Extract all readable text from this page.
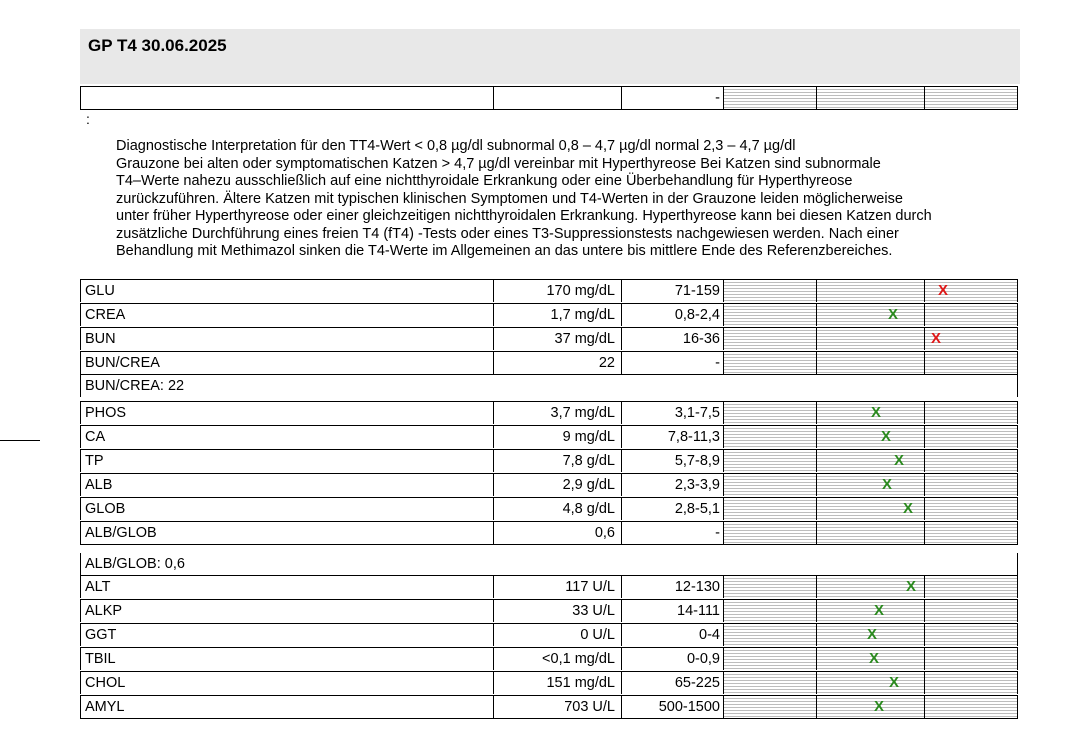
GP T4 30.06.2025
-
:
Diagnostische Interpretation für den TT4-Wert < 0,8 µg/dl subnormal 0,8 – 4,7 µg/dl normal 2,3 – 4,7 µg/dl
Grauzone bei alten oder symptomatischen Katzen > 4,7 µg/dl vereinbar mit Hyperthyreose Bei Katzen sind subnormale
T4–Werte nahezu ausschließlich auf eine nichtthyroidale Erkrankung oder eine Überbehandlung für Hyperthyreose
zurückzuführen. Ältere Katzen mit typischen klinischen Symptomen und T4-Werten in der Grauzone leiden möglicherweise
unter früher Hyperthyreose oder einer gleichzeitigen nichtthyroidalen Erkrankung. Hyperthyreose kann bei diesen Katzen durch
zusätzliche Durchführung eines freien T4 (fT4) -Tests oder eines T3-Suppressionstests nachgewiesen werden. Nach einer
Behandlung mit Methimazol sinken die T4-Werte im Allgemeinen an das untere bis mittlere Ende des Referenzbereiches.
GLU	170 mg/dL	71-159	X
CREA	1,7 mg/dL	0,8-2,4	X
BUN	37 mg/dL	16-36	X
BUN/CREA	22	-
BUN/CREA: 22
PHOS	3,7 mg/dL	3,1-7,5	X
CA	9 mg/dL	7,8-11,3	X
TP	7,8 g/dL	5,7-8,9	X
ALB	2,9 g/dL	2,3-3,9	X
GLOB	4,8 g/dL	2,8-5,1	X
ALB/GLOB	0,6	-
ALB/GLOB: 0,6
ALT	117 U/L	12-130	X
ALKP	33 U/L	14-111	X
GGT	0 U/L	0-4	X
TBIL	<0,1 mg/dL	0-0,9	X
CHOL	151 mg/dL	65-225	X
AMYL	703 U/L	500-1500	X
